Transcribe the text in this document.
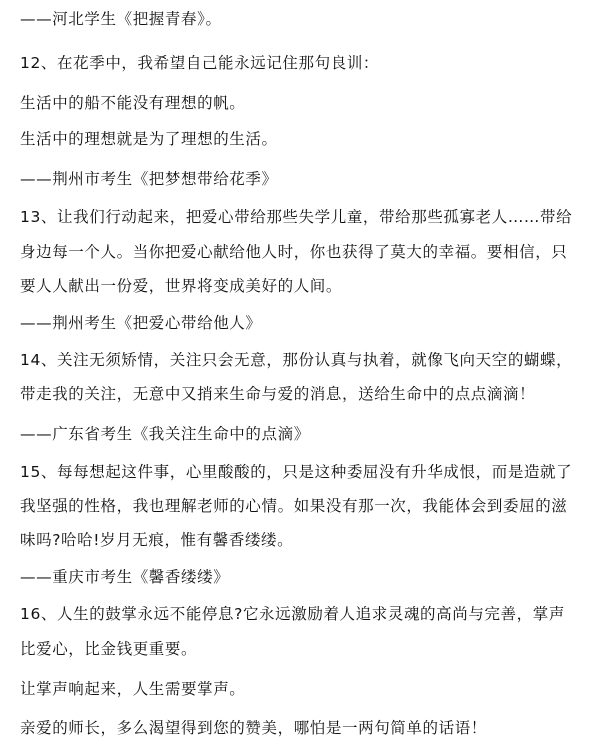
——河北学生《把握青春》。
12、在花季中，我希望自己能永远记住那句良训：
生活中的船不能没有理想的帆。
生活中的理想就是为了理想的生活。
——荆州市考生《把梦想带给花季》
13、让我们行动起来，把爱心带给那些失学儿童，带给那些孤寡老人……带给
身边每一个人。当你把爱心献给他人时，你也获得了莫大的幸福。要相信，只
要人人献出一份爱，世界将变成美好的人间。
——荆州考生《把爱心带给他人》
14、关注无须矫情，关注只会无意，那份认真与执着，就像飞向天空的蝴蝶，
带走我的关注，无意中又捎来生命与爱的消息，送给生命中的点点滴滴！
——广东省考生《我关注生命中的点滴》
15、每每想起这件事，心里酸酸的，只是这种委屈没有升华成恨，而是造就了
我坚强的性格，我也理解老师的心情。如果没有那一次，我能体会到委屈的滋
味吗?哈哈!岁月无痕，惟有馨香缕缕。
——重庆市考生《馨香缕缕》
16、人生的鼓掌永远不能停息?它永远激励着人追求灵魂的高尚与完善，掌声
比爱心，比金钱更重要。
让掌声响起来，人生需要掌声。
亲爱的师长，多么渴望得到您的赞美，哪怕是一两句简单的话语！
